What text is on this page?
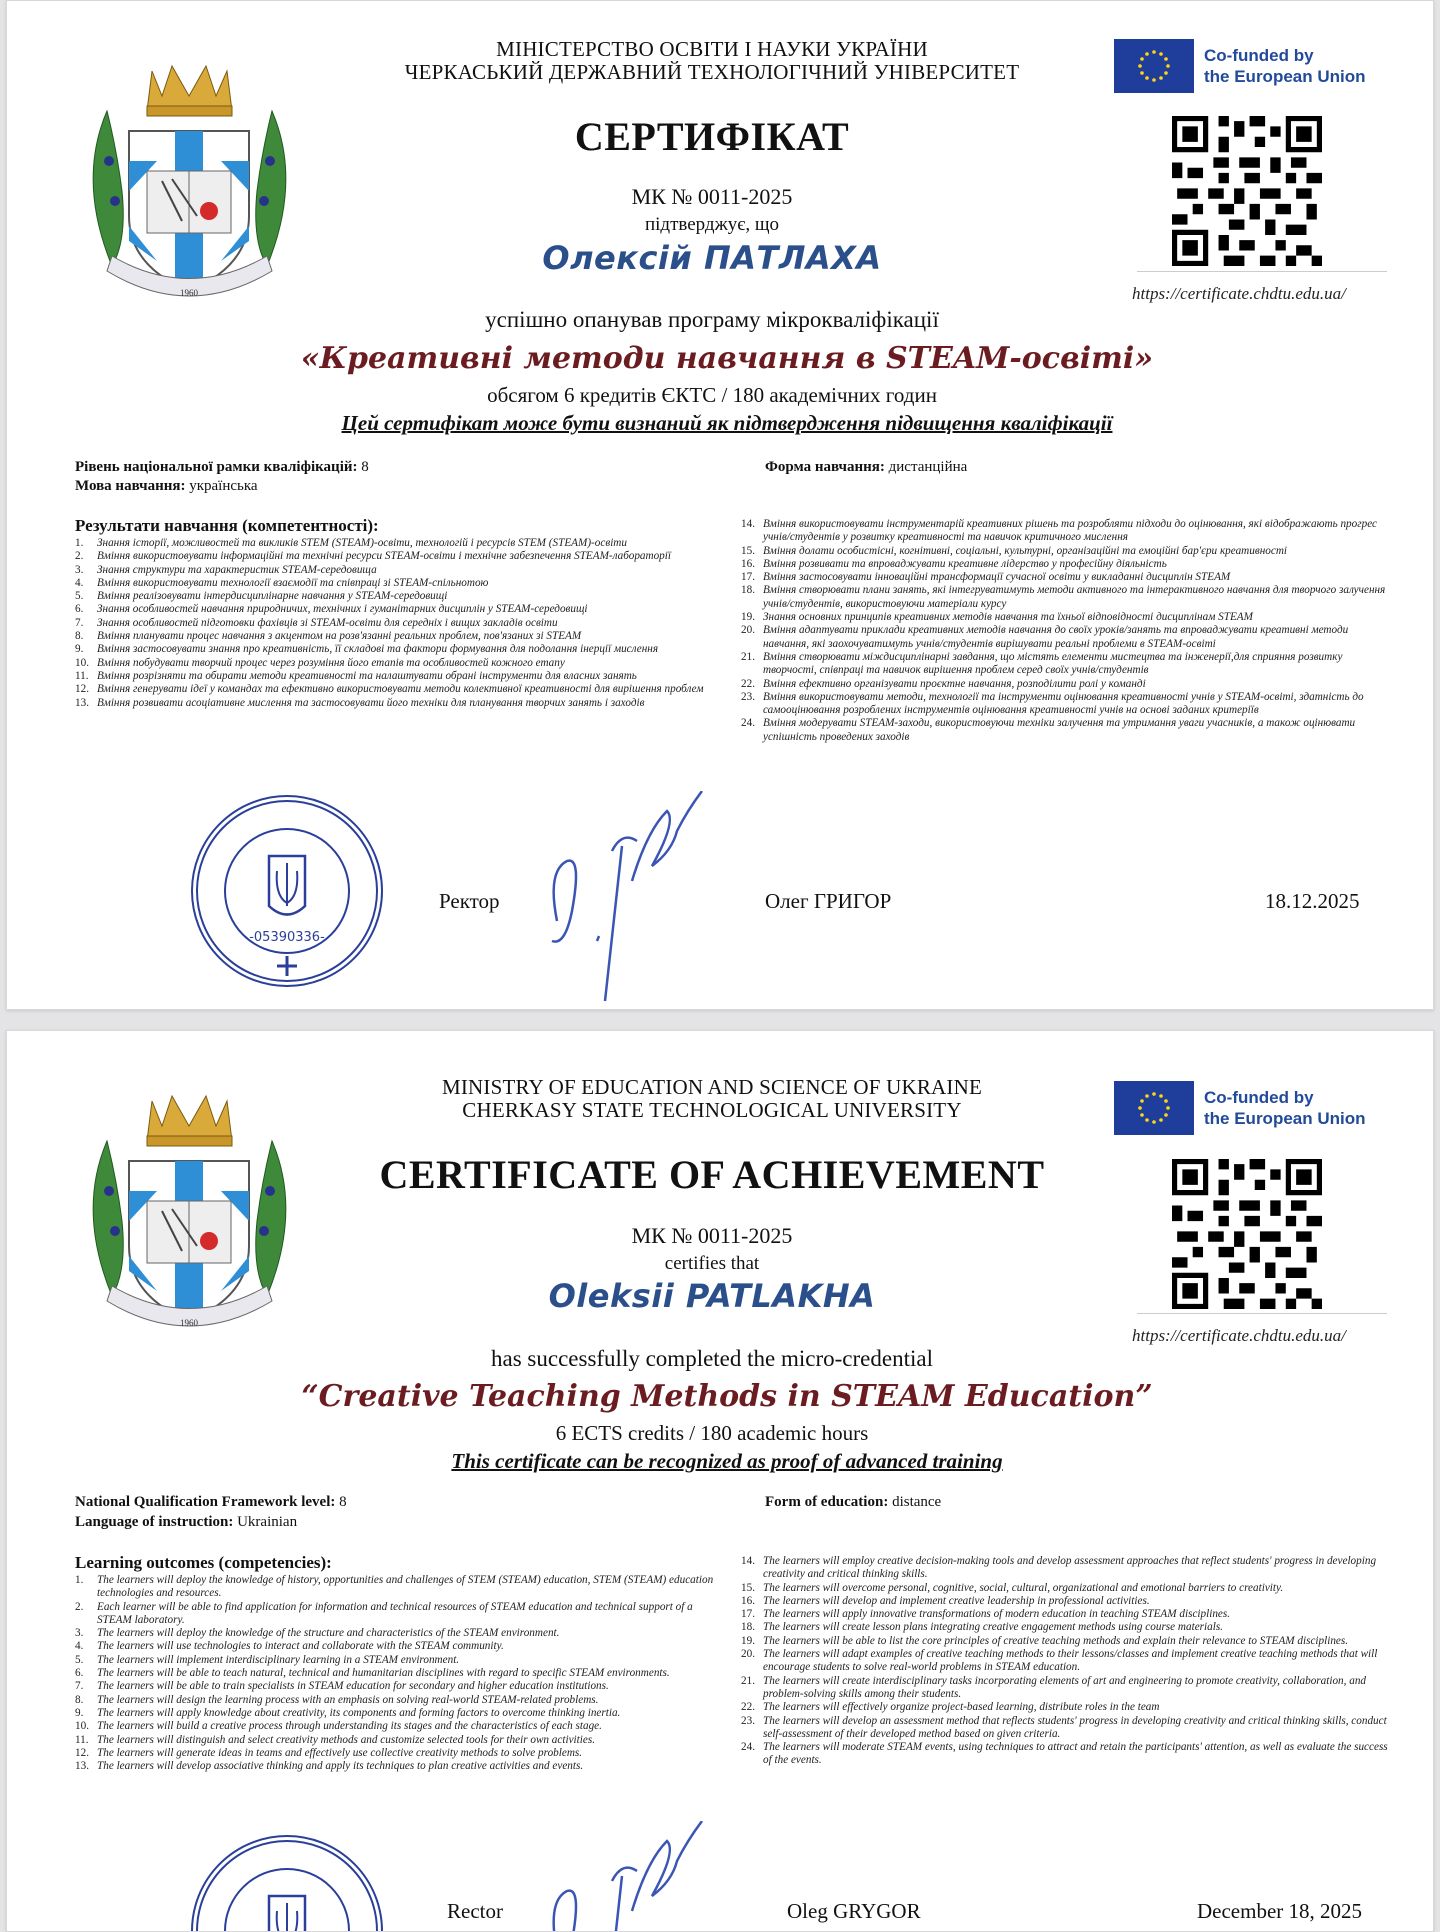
1960
МІНІСТЕРСТВО ОСВІТИ І НАУКИ УКРАЇНИ
ЧЕРКАСЬКИЙ ДЕРЖАВНИЙ ТЕХНОЛОГІЧНИЙ УНІВЕРСИТЕТ
СЕРТИФІКАТ
МК № 0011-2025
підтверджує, що
Олексій ПАТЛАХА
успішно опанував програму мікрокваліфікації
«Креативні методи навчання в STEAM-освіті»
обсягом 6 кредитів ЄКТС / 180 академічних годин
Цей сертифікат може бути визнаний як підтвердження підвищення кваліфікації
Co-funded by
the European Union
https://certificate.chdtu.edu.ua/
Рівень національної рамки кваліфікацій: 8
Мова навчання: українська
Форма навчання: дистанційна
Результати навчання (компетентності):
1. Знання історії, можливостей та викликів STEM (STEAM)-освіти, технологій і ресурсів STEM (STEAM)-освіти
2. Вміння використовувати інформаційні та технічні ресурси STEAM-освіти і технічне забезпечення STEAM-лабораторії
3. Знання структури та характеристик STEAM-середовища
4. Вміння використовувати технології взаємодії та співпраці зі STEAM-спільнотою
5. Вміння реалізовувати інтердисциплінарне навчання у STEAM-середовищі
6. Знання особливостей навчання природничих, технічних і гуманітарних дисциплін у STEAM-середовищі
7. Знання особливостей підготовки фахівців зі STEAM-освіти для середніх і вищих закладів освіти
8. Вміння планувати процес навчання з акцентом на розв'язанні реальних проблем, пов'язаних зі STEAM
9. Вміння застосовувати знання про креативність, її складові та фактори формування для подолання інерції мислення
10. Вміння побудувати творчий процес через розуміння його етапів та особливостей кожного етапу
11. Вміння розрізняти та обирати методи креативності та налаштувати обрані інструменти для власних занять
12. Вміння генерувати ідеї у командах та ефективно використовувати методи колективної креативності для вирішення проблем
13. Вміння розвивати асоціативне мислення та застосовувати його техніки для планування творчих занять і заходів
14. Вміння використовувати інструментарій креативних рішень та розробляти підходи до оцінювання, які відображають прогрес учнів/студентів у розвитку креативності та навичок критичного мислення
15. Вміння долати особистісні, когнітивні, соціальні, культурні, організаційні та емоційні бар'єри креативності
16. Вміння розвивати та впроваджувати креативне лідерство у професійну діяльність
17. Вміння застосовувати інноваційні трансформації сучасної освіти у викладанні дисциплін STEAM
18. Вміння створювати плани занять, які інтегруватимуть методи активного та інтерактивного навчання для творчого залучення учнів/студентів, використовуючи матеріали курсу
19. Знання основних принципів креативних методів навчання та їхньої відповідності дисциплінам STEAM
20. Вміння адаптувати приклади креативних методів навчання до своїх уроків/занять та впроваджувати креативні методи навчання, які заохочуватимуть учнів/студентів вирішувати реальні проблеми в STEAM-освіті
21. Вміння створювати міждисциплінарні завдання, що містять елементи мистецтва та інженерії,для сприяння розвитку творчості, співпраці та навичок вирішення проблем серед своїх учнів/студентів
22. Вміння ефективно організувати проєктне навчання, розподілити ролі у команді
23. Вміння використовувати методи, технології та інструменти оцінювання креативності учнів у STEAM-освіті, здатність до самооцінювання розроблених інструментів оцінювання креативності учнів на основі заданих критеріїв
24. Вміння модерувати STEAM-заходи, використовуючи техніки залучення та утримання уваги учасників, а також оцінювати успішність проведених заходів
-05390336-
Ректор	Олег ГРИГОР	18.12.2025
1960
MINISTRY OF EDUCATION AND SCIENCE OF UKRAINE
CHERKASY STATE TECHNOLOGICAL UNIVERSITY
CERTIFICATE OF ACHIEVEMENT
МК № 0011-2025
certifies that
Oleksii PATLAKHA
has successfully completed the micro-credential
“Creative Teaching Methods in STEAM Education”
6 ECTS credits / 180 academic hours
This certificate can be recognized as proof of advanced training
Co-funded by
the European Union
https://certificate.chdtu.edu.ua/
National Qualification Framework level: 8
Language of instruction: Ukrainian
Form of education: distance
Learning outcomes (competencies):
1. The learners will deploy the knowledge of history, opportunities and challenges of STEM (STEAM) education, STEM (STEAM) education technologies and resources.
2. Each learner will be able to find application for information and technical resources of STEAM education and technical support of a STEAM laboratory.
3. The learners will deploy the knowledge of the structure and characteristics of the STEAM environment.
4. The learners will use technologies to interact and collaborate with the STEAM community.
5. The learners will implement interdisciplinary learning in a STEAM environment.
6. The learners will be able to teach natural, technical and humanitarian disciplines with regard to specific STEAM environments.
7. The learners will be able to train specialists in STEAM education for secondary and higher education institutions.
8. The learners will design the learning process with an emphasis on solving real-world STEAM-related problems.
9. The learners will apply knowledge about creativity, its components and forming factors to overcome thinking inertia.
10. The learners will build a creative process through understanding its stages and the characteristics of each stage.
11. The learners will distinguish and select creativity methods and customize selected tools for their own activities.
12. The learners will generate ideas in teams and effectively use collective creativity methods to solve problems.
13. The learners will develop associative thinking and apply its techniques to plan creative activities and events.
14. The learners will employ creative decision-making tools and develop assessment approaches that reflect students' progress in developing creativity and critical thinking skills.
15. The learners will overcome personal, cognitive, social, cultural, organizational and emotional barriers to creativity.
16. The learners will develop and implement creative leadership in professional activities.
17. The learners will apply innovative transformations of modern education in teaching STEAM disciplines.
18. The learners will create lesson plans integrating creative engagement methods using course materials.
19. The learners will be able to list the core principles of creative teaching methods and explain their relevance to STEAM disciplines.
20. The learners will adapt examples of creative teaching methods to their lessons/classes and implement creative teaching methods that will encourage students to solve real-world problems in STEAM education.
21. The learners will create interdisciplinary tasks incorporating elements of art and engineering to promote creativity, collaboration, and problem-solving skills among their students.
22. The learners will effectively organize project-based learning, distribute roles in the team
23. The learners will develop an assessment method that reflects students' progress in developing creativity and critical thinking skills, conduct self-assessment of their developed method based on given criteria.
24. The learners will moderate STEAM events, using techniques to attract and retain the participants' attention, as well as evaluate the success of the events.
Rector	Oleg GRYGOR	December 18, 2025
